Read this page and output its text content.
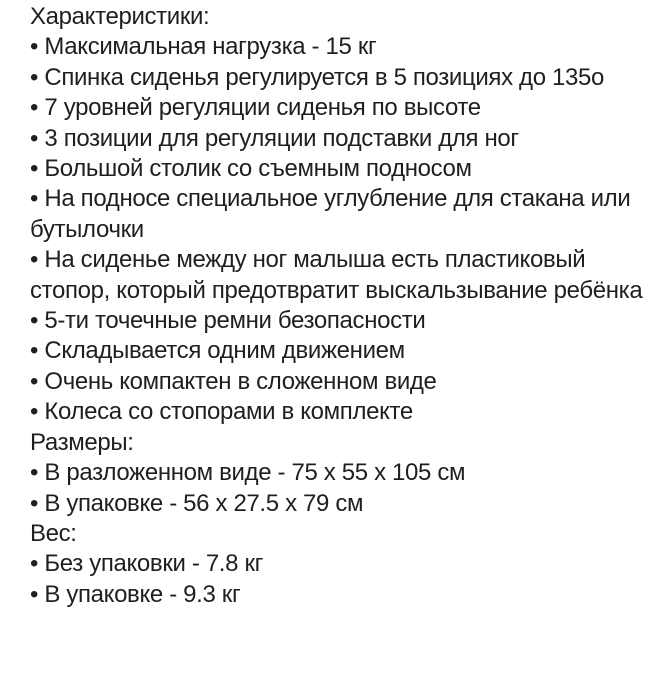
Характеристики:
• Максимальная нагрузка - 15 кг
• Спинка сиденья регулируется в 5 позициях до 135о
• 7 уровней регуляции сиденья по высоте
• 3 позиции для регуляции подставки для ног
• Большой столик со съемным подносом
• На подносе специальное углубление для стакана или бутылочки
• На сиденье между ног малыша есть пластиковый стопор, который предотвратит выскальзывание ребёнка
• 5-ти точечные ремни безопасности
• Складывается одним движением
• Очень компактен в сложенном виде
• Колеса со стопорами в комплекте
Размеры:
• В разложенном виде - 75 х 55 х 105 см
• В упаковке - 56 х 27.5 х 79 см
Вес:
• Без упаковки - 7.8 кг
• В упаковке - 9.3 кг
